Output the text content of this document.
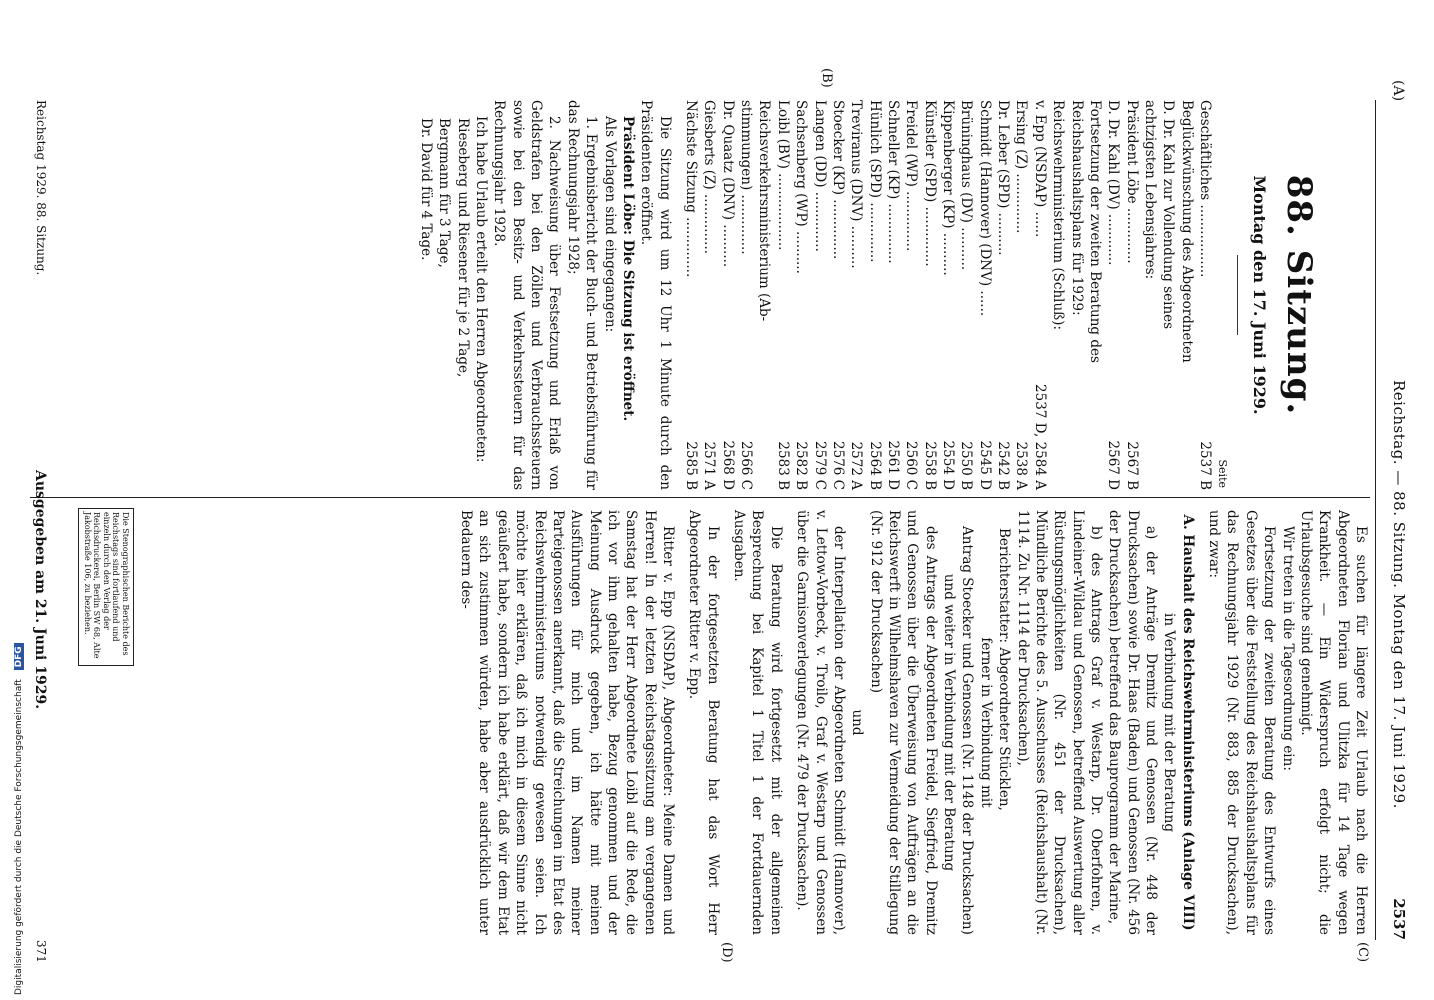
(A)
Reichstag. — 88. Sitzung. Montag den 17. Juni 1929.
2537
(B)
(C)
(D)
88. Sitzung.
Montag den 17. Juni 1929.
Seite
Geschäftliches .................
2537 B
Beglückwünschung des Abgeordneten
D. Dr. Kahl zur Vollendung seines
achtzigsten Lebensjahres:
Präsident Löbe .............
2567 B
D. Dr. Kahl (DV) ............
2567 D
Fortsetzung der zweiten Beratung des
Reichshaushaltsplans für 1929:
Reichswehrministerium (Schluß):
v. Epp (NSDAP) ......
2537 D, 2584 A
Ersing (Z) ..............
2538 A
Dr. Leber (SPD) ..........
2542 B
Schmidt (Hannover) (DNV) ......
2545 D
Brüninghaus (DV) ..........
2550 B
Kippenberger (KP) ..........
2554 D
Künstler (SPD) ..............
2558 B
Freidel (WP) ..............
2560 C
Schneller (KP) ..............
2561 D
Hünlich (SPD) ..............
2564 B
Treviranus (DNV) ..........
2572 A
Stoecker (KP) ..............
2576 C
Langen (DD) ..............
2579 C
Sachsenberg (WP) ..........
2582 B
Loibl (BV) ..................
2583 B
Reichsverkehrsministerium (Ab-
stimmungen) ..............
2566 C
Dr. Quaatz (DNV) ..........
2568 D
Giesberts (Z) ..............
2571 A
Nächste Sitzung ..............
2585 B

Die Sitzung wird um 12 Uhr 1 Minute durch den Präsidenten eröffnet.

Präsident Löbe: Die Sitzung ist eröffnet.

Als Vorlagen sind eingegangen:

1. Ergebnisbericht der Buch- und Betriebsführung für das Rechnungsjahr 1928;

2. Nachweisung über Festsetzung und Erlaß von Geldstrafen bei den Zöllen und Verbrauchssteuern sowie bei den Besitz- und Verkehrssteuern für das Rechnungsjahr 1928.

Ich habe Urlaub erteilt den Herren Abgeordneten:

Rieseberg und Riesener für je 2 Tage,
Bergmann für 3 Tage,
Dr. David für 4 Tage.

Es suchen für längere Zeit Urlaub nach die Herren Abgeordneten Florian und Ulitzka für 14 Tage wegen Krankheit. — Ein Widerspruch erfolgt nicht; die Urlaubsgesuche sind genehmigt.

Wir treten in die Tagesordnung ein:

Fortsetzung der zweiten Beratung des Entwurfs eines Gesetzes über die Feststellung des Reichshaushaltsplans für das Rechnungsjahr 1929 (Nr. 883, 885 der Drucksachen), und zwar:

A. Haushalt des Reichswehrministeriums (Anlage VIII)
in Verbindung mit der Beratung

a) der Anträge Dremitz und Genossen (Nr. 448 der Drucksachen) sowie Dr. Haas (Baden) und Genossen (Nr. 456 der Drucksachen) betreffend das Bauprogramm der Marine,

b) des Antrags Graf v. Westarp, Dr. Oberfohren, v. Lindeiner-Wildau und Genossen, betreffend Auswertung aller Rüstungsmöglichkeiten (Nr. 451 der Drucksachen), Mündliche Berichte des 5. Ausschusses (Reichshaushalt) (Nr. 1114. Zu Nr. 1114 der Drucksachen),

Berichterstatter: Abgeordneter Stücklen,
ferner in Verbindung mit

Antrag Stoecker und Genossen (Nr. 1148 der Drucksachen)

und weiter in Verbindung mit der Beratung

des Antrags der Abgeordneten Freidel, Siegfried, Dremitz und Genossen über die Überweisung von Aufträgen an die Reichswerft in Wilhelmshaven zur Vermeidung der Stillegung (Nr. 912 der Drucksachen)

und

der Interpellation der Abgeordneten Schmidt (Hannover), v. Lettow-Vorbeck, v. Troilo, Graf v. Westarp und Genossen über die Garnisonverlegungen (Nr. 479 der Drucksachen).

Die Beratung wird fortgesetzt mit der allgemeinen Besprechung bei Kapitel 1 Titel 1 der Fortdauernden Ausgaben.

In der fortgesetzten Beratung hat das Wort Herr Abgeordneter Ritter v. Epp.

Ritter v. Epp (NSDAP), Abgeordneter: Meine Damen und Herren! In der letzten Reichstagssitzung am vergangenen Samstag hat der Herr Abgeordnete Loibl auf die Rede, die ich vor ihm gehalten habe, Bezug genommen und der Meinung Ausdruck gegeben, ich hätte mit meinen Ausführungen für mich und im Namen meiner Parteigenossen anerkannt, daß die Streichungen im Etat des Reichswehrministeriums notwendig gewesen seien. Ich möchte hier erklären, daß ich mich in diesem Sinne nicht geäußert habe, sondern ich habe erklärt, daß wir dem Etat an sich zustimmen würden, habe aber ausdrücklich unter Bedauern des-

Die Stenographischen Berichte des Reichstags sind fortlaufend und einzeln durch den Verlag der Reichsdruckerei, Berlin SW 68, Alte Jakobstraße 106, zu beziehen.
Reichstag 1929. 88. Sitzung.
Ausgegeben am 21. Juni 1929.
371
Digitalisierung gefördert durch die Deutsche Forschungsgemeinschaft DFG
